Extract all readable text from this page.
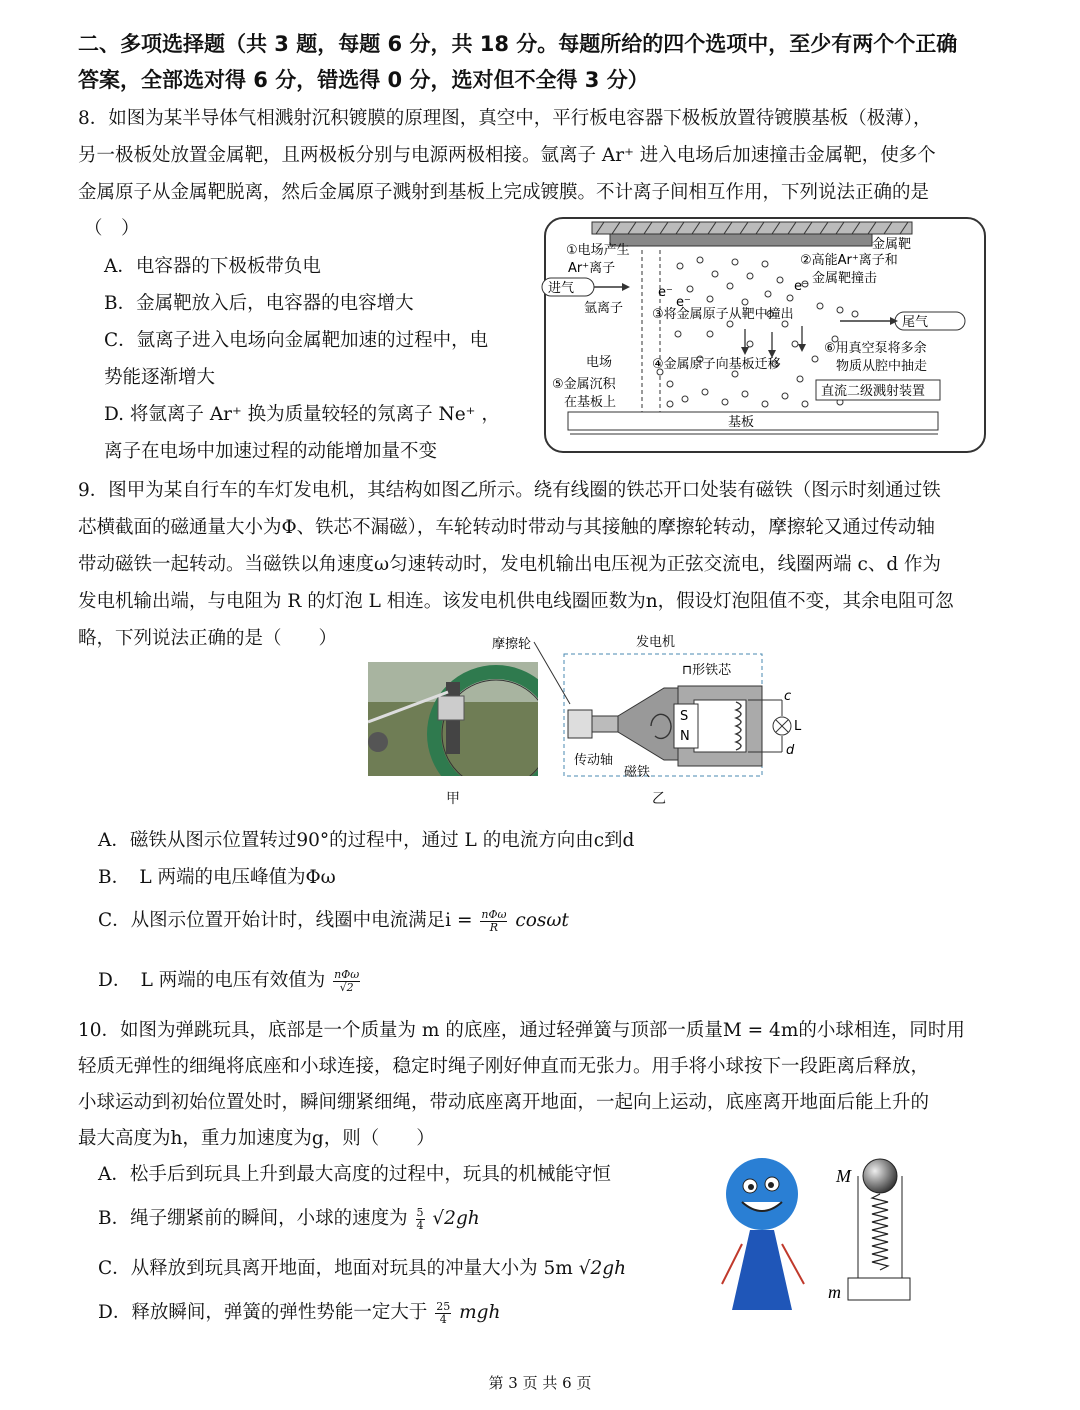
二、多项选择题（共 3 题，每题 6 分，共 18 分。每题所给的四个选项中，至少有两个个正确
答案，全部选对得 6 分，错选得 0 分，选对但不全得 3 分）
8．如图为某半导体气相溅射沉积镀膜的原理图，真空中，平行板电容器下极板放置待镀膜基板（极薄），
另一极板处放置金属靶，且两极板分别与电源两极相接。氩离子 Ar⁺ 进入电场后加速撞击金属靶，使多个
金属原子从金属靶脱离，然后金属原子溅射到基板上完成镀膜。不计离子间相互作用，下列说法正确的是
（　）
A．电容器的下极板带负电
B．金属靶放入后，电容器的电容增大
C．氩离子进入电场向金属靶加速的过程中，电
势能逐渐增大
D. 将氩离子 Ar⁺ 换为质量较轻的氖离子 Ne⁺ ，
离子在电场中加速过程的动能增加量不变
金属靶
①电场产生
Ar⁺离子
②高能Ar⁺离子和
金属靶撞击
进气
氩离子 ③将金属原子从靶中撞出
尾气
电场	④金属原子向基板迁移
⑥用真空泵将多余
物质从腔中抽走
⑤金属沉积
在基板上
直流二级溅射装置
基板
e⁻
e⁻
e⁻
9．图甲为某自行车的车灯发电机，其结构如图乙所示。绕有线圈的铁芯开口处装有磁铁（图示时刻通过铁
芯横截面的磁通量大小为Φ、铁芯不漏磁），车轮转动时带动与其接触的摩擦轮转动，摩擦轮又通过传动轴
带动磁铁一起转动。当磁铁以角速度ω匀速转动时，发电机输出电压视为正弦交流电，线圈两端 c、d 作为
发电机输出端，与电阻为 R 的灯泡 L 相连。该发电机供电线圈匝数为n，假设灯泡阻值不变，其余电阻可忽
略，下列说法正确的是（　　）
甲
摩擦轮	发电机
⊓形铁芯
传动轴
磁铁
S
N
c
d
L
乙
A．磁铁从图示位置转过90°的过程中，通过 L 的电流方向由c到d
B．　L 两端的电压峰值为Φω
C．从图示位置开始计时，线圈中电流满足$i = \frac{\text{nΦω}}{R}$ cosωt
D．　L 两端的电压有效值为 $\frac{\text{nΦω}}{√2}$
10．如图为弹跳玩具，底部是一个质量为 m 的底座，通过轻弹簧与顶部一质量M = 4m的小球相连，同时用
轻质无弹性的细绳将底座和小球连接，稳定时绳子刚好伸直而无张力。用手将小球按下一段距离后释放，
小球运动到初始位置处时，瞬间绷紧细绳，带动底座离开地面，一起向上运动，底座离开地面后能上升的
最大高度为h，重力加速度为g，则（　　）
A．松手后到玩具上升到最大高度的过程中，玩具的机械能守恒
B．绳子绷紧前的瞬间，小球的速度为 $\frac{5}{4} √2gh$
C．从释放到玩具离开地面，地面对玩具的冲量大小为 5m √2gh
D．释放瞬间，弹簧的弹性势能一定大于 $\frac{25}{4}$ mgh
M
m
第 3 页 共 6 页
